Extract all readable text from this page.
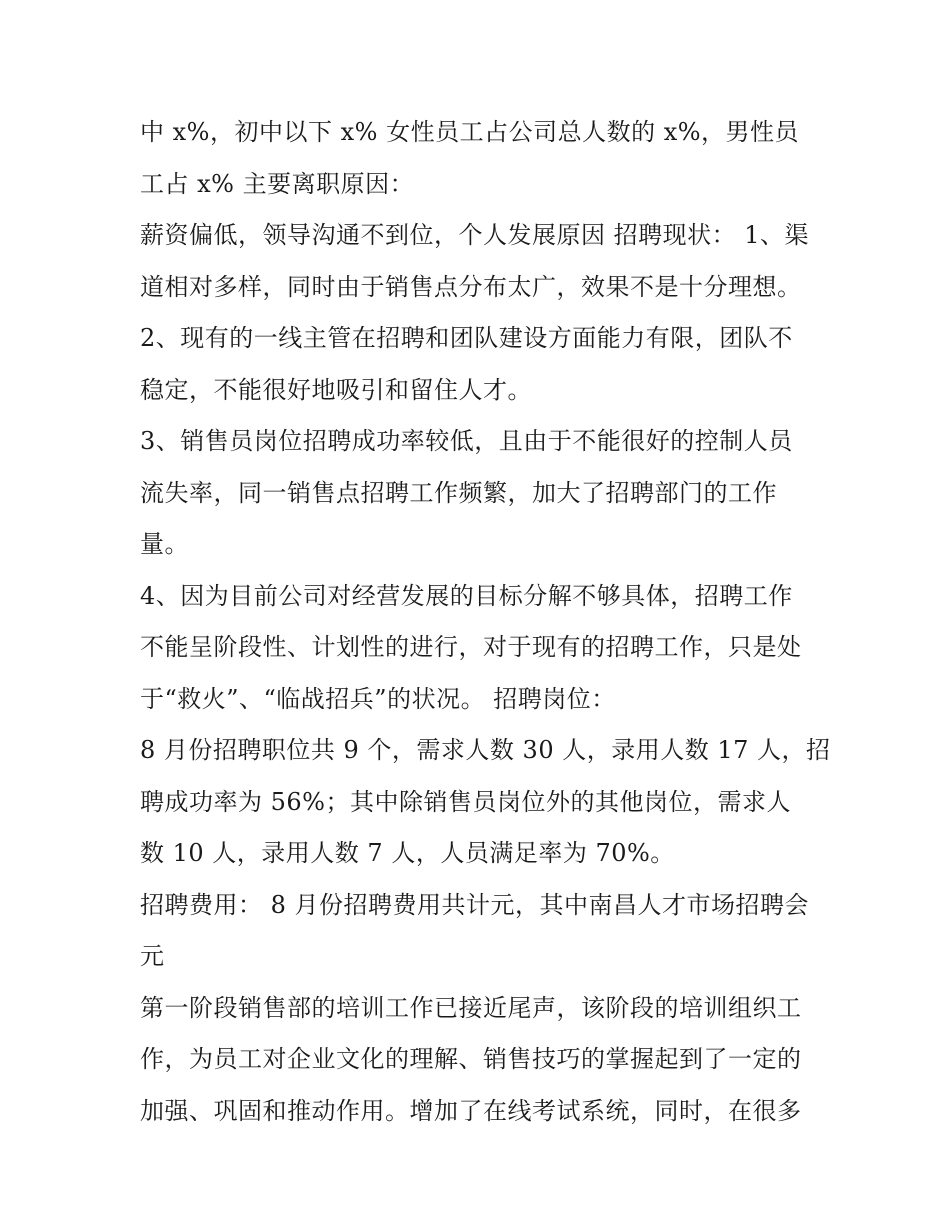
中 x%，初中以下 x% 女性员工占公司总人数的 x%，男性员
工占 x% 主要离职原因：
薪资偏低，领导沟通不到位，个人发展原因 招聘现状： 1、渠
道相对多样，同时由于销售点分布太广，效果不是十分理想。
2、现有的一线主管在招聘和团队建设方面能力有限，团队不
稳定，不能很好地吸引和留住人才。
3、销售员岗位招聘成功率较低，且由于不能很好的控制人员
流失率，同一销售点招聘工作频繁，加大了招聘部门的工作
量。
4、因为目前公司对经营发展的目标分解不够具体，招聘工作
不能呈阶段性、计划性的进行，对于现有的招聘工作，只是处
于“救火”、“临战招兵”的状况。 招聘岗位：
8 月份招聘职位共 9 个，需求人数 30 人，录用人数 17 人，招
聘成功率为 56%；其中除销售员岗位外的其他岗位，需求人
数 10 人，录用人数 7 人，人员满足率为 70%。
招聘费用： 8 月份招聘费用共计元，其中南昌人才市场招聘会
元
第一阶段销售部的培训工作已接近尾声，该阶段的培训组织工
作，为员工对企业文化的理解、销售技巧的掌握起到了一定的
加强、巩固和推动作用。增加了在线考试系统，同时，在很多
